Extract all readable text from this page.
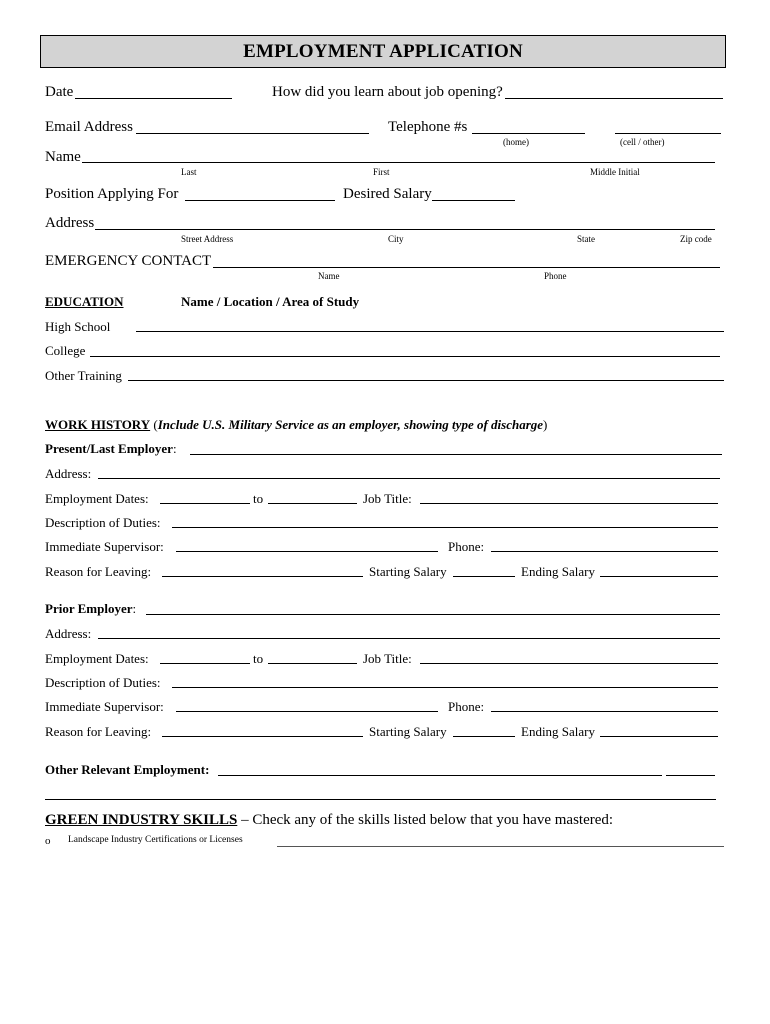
EMPLOYMENT APPLICATION
Date	How did you learn about job opening?
Email Address	Telephone #s
(home)	(cell / other)
Name
Last	First	Middle Initial
Position Applying For	Desired Salary
Address
Street Address	City	State	Zip code
EMERGENCY CONTACT
Name	Phone
EDUCATION	Name / Location / Area of Study
High School
College
Other Training
WORK HISTORY (Include U.S. Military Service as an employer, showing type of discharge)
Present/Last Employer:
Address:
Employment Dates:	to	Job Title:
Description of Duties:
Immediate Supervisor:	Phone:
Reason for Leaving:	Starting Salary	Ending Salary
Prior Employer:
Address:
Employment Dates:	to	Job Title:
Description of Duties:
Immediate Supervisor:	Phone:
Reason for Leaving:	Starting Salary	Ending Salary
Other Relevant Employment:
GREEN INDUSTRY SKILLS – Check any of the skills listed below that you have mastered:
o Landscape Industry Certifications or Licenses
